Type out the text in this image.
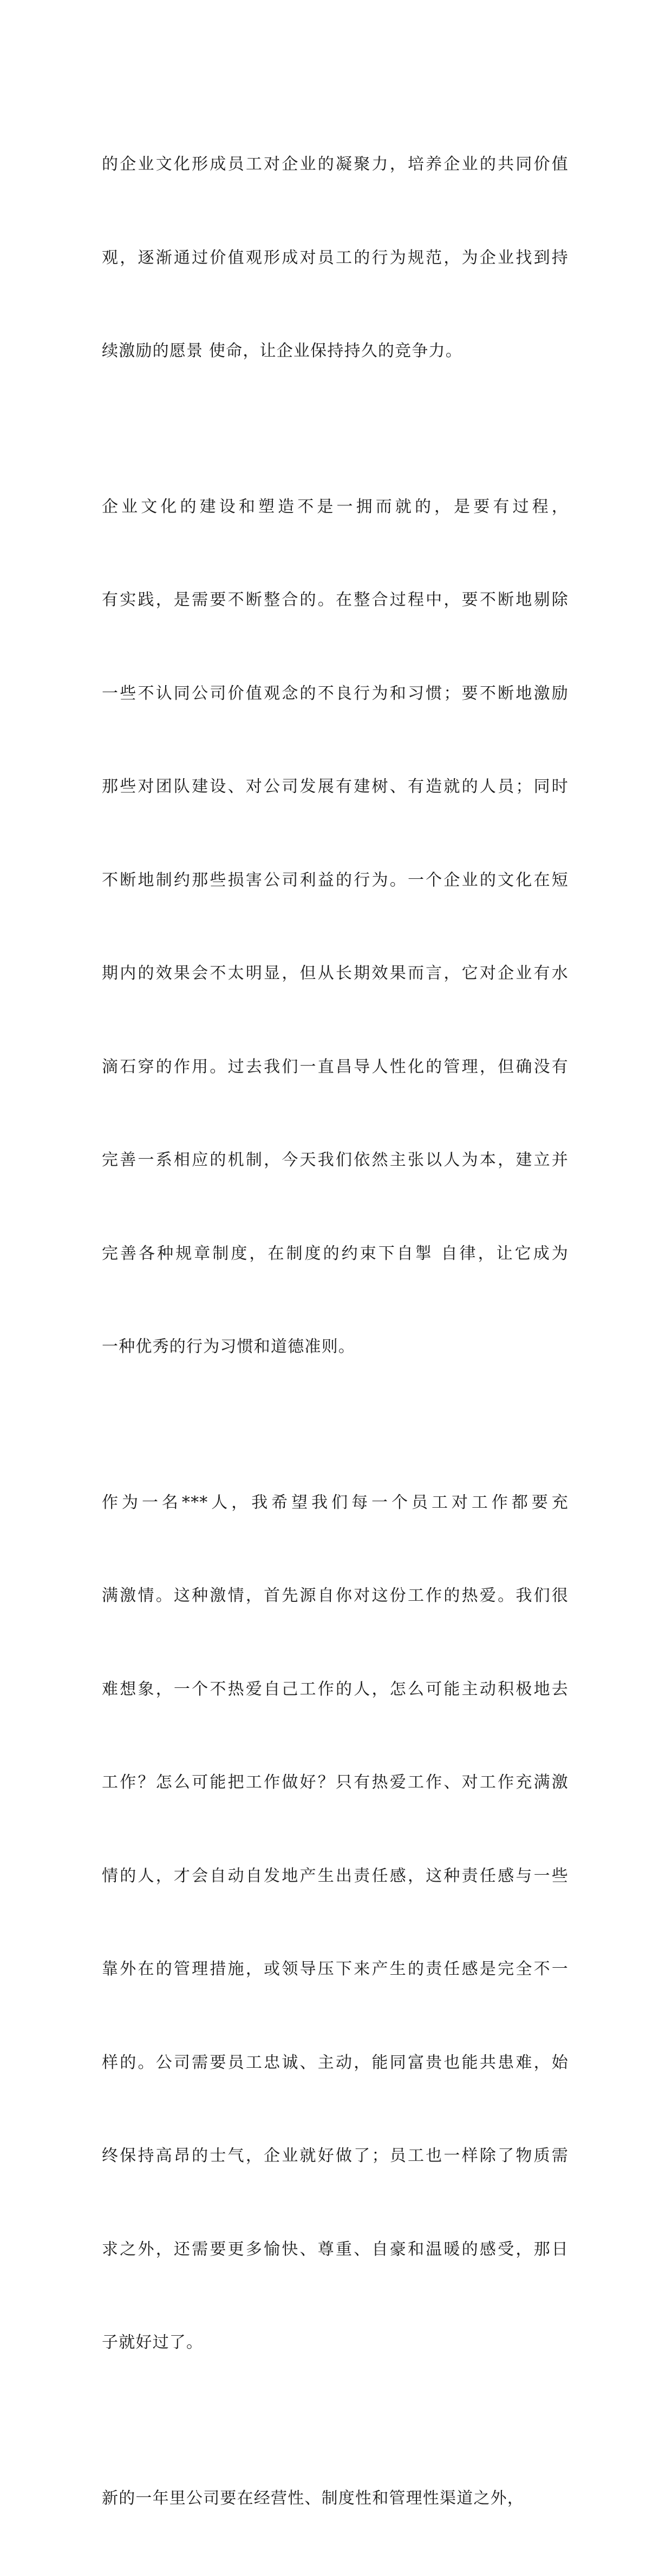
的企业文化形成员工对企业的凝聚力，培养企业的共同价值

观，逐渐通过价值观形成对员工的行为规范，为企业找到持

续激励的愿景 使命，让企业保持持久的竞争力。

企业文化的建设和塑造不是一拥而就的，是要有过程，

有实践，是需要不断整合的。在整合过程中，要不断地剔除

一些不认同公司价值观念的不良行为和习惯；要不断地激励

那些对团队建设、对公司发展有建树、有造就的人员；同时

不断地制约那些损害公司利益的行为。一个企业的文化在短

期内的效果会不太明显，但从长期效果而言，它对企业有水

滴石穿的作用。过去我们一直昌导人性化的管理，但确没有

完善一系相应的机制，今天我们依然主张以人为本，建立并

完善各种规章制度，在制度的约束下自掣 自律，让它成为

一种优秀的行为习惯和道德准则。

作为一名***人，我希望我们每一个员工对工作都要充

满激情。这种激情，首先源自你对这份工作的热爱。我们很

难想象，一个不热爱自己工作的人，怎么可能主动积极地去

工作？怎么可能把工作做好？只有热爱工作、对工作充满激

情的人，才会自动自发地产生出责任感，这种责任感与一些

靠外在的管理措施，或领导压下来产生的责任感是完全不一

样的。公司需要员工忠诚、主动，能同富贵也能共患难，始

终保持高昂的士气，企业就好做了；员工也一样除了物质需

求之外，还需要更多愉快、尊重、自豪和温暖的感受，那日

子就好过了。

新的一年里公司要在经营性、制度性和管理性渠道之外，
